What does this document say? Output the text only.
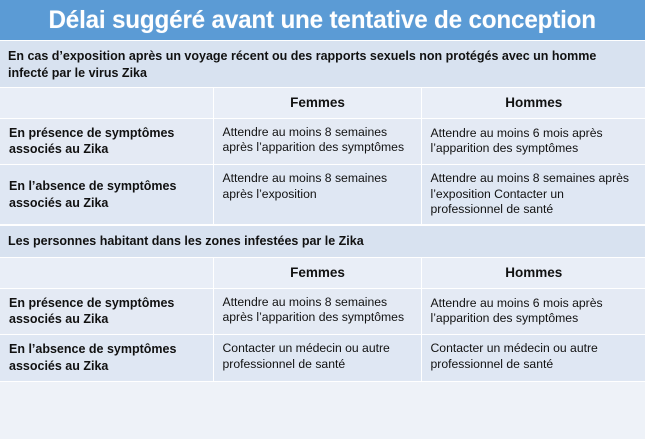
Délai suggéré avant une tentative de conception
En cas d’exposition après un voyage récent ou des rapports sexuels non protégés avec un homme infecté par le virus Zika
	Femmes	Hommes
En présence de symptômes associés au Zika	Attendre au moins 8 semaines après l’apparition des symptômes	Attendre au moins 6 mois après l’apparition des symptômes
En l’absence de symptômes associés au Zika	Attendre au moins 8 semaines après l’exposition	Attendre au moins 8 semaines après l’exposition Contacter un professionnel de santé
Les personnes habitant dans les zones infestées par le Zika
	Femmes	Hommes
En présence de symptômes associés au Zika	Attendre au moins 8 semaines après l’apparition des symptômes	Attendre au moins 6 mois après l’apparition des symptômes
En l’absence de symptômes associés au Zika	Contacter un médecin ou autre professionnel de santé	Contacter un médecin ou autre professionnel de santé
